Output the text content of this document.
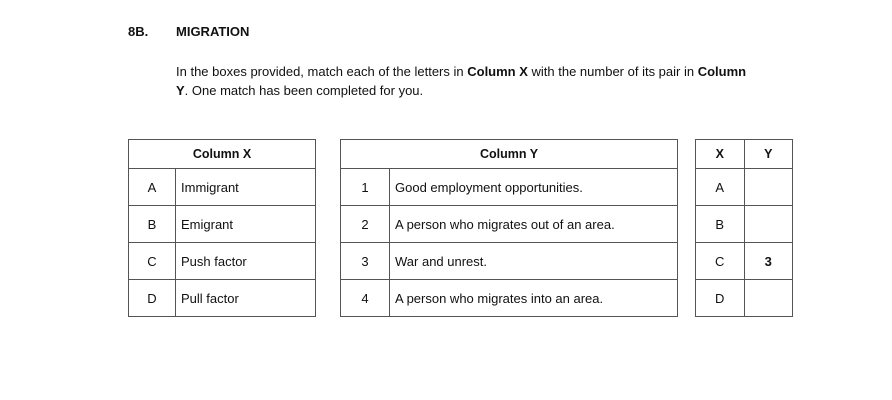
8B. MIGRATION
In the boxes provided, match each of the letters in Column X with the number of its pair in Column Y. One match has been completed for you.
Column X	
A	Immigrant
B	Emigrant
C	Push factor
D	Pull factor
Column Y	
1	Good employment opportunities.
2	A person who migrates out of an area.
3	War and unrest.
4	A person who migrates into an area.
X	Y
A	
B	
C	3
D	
